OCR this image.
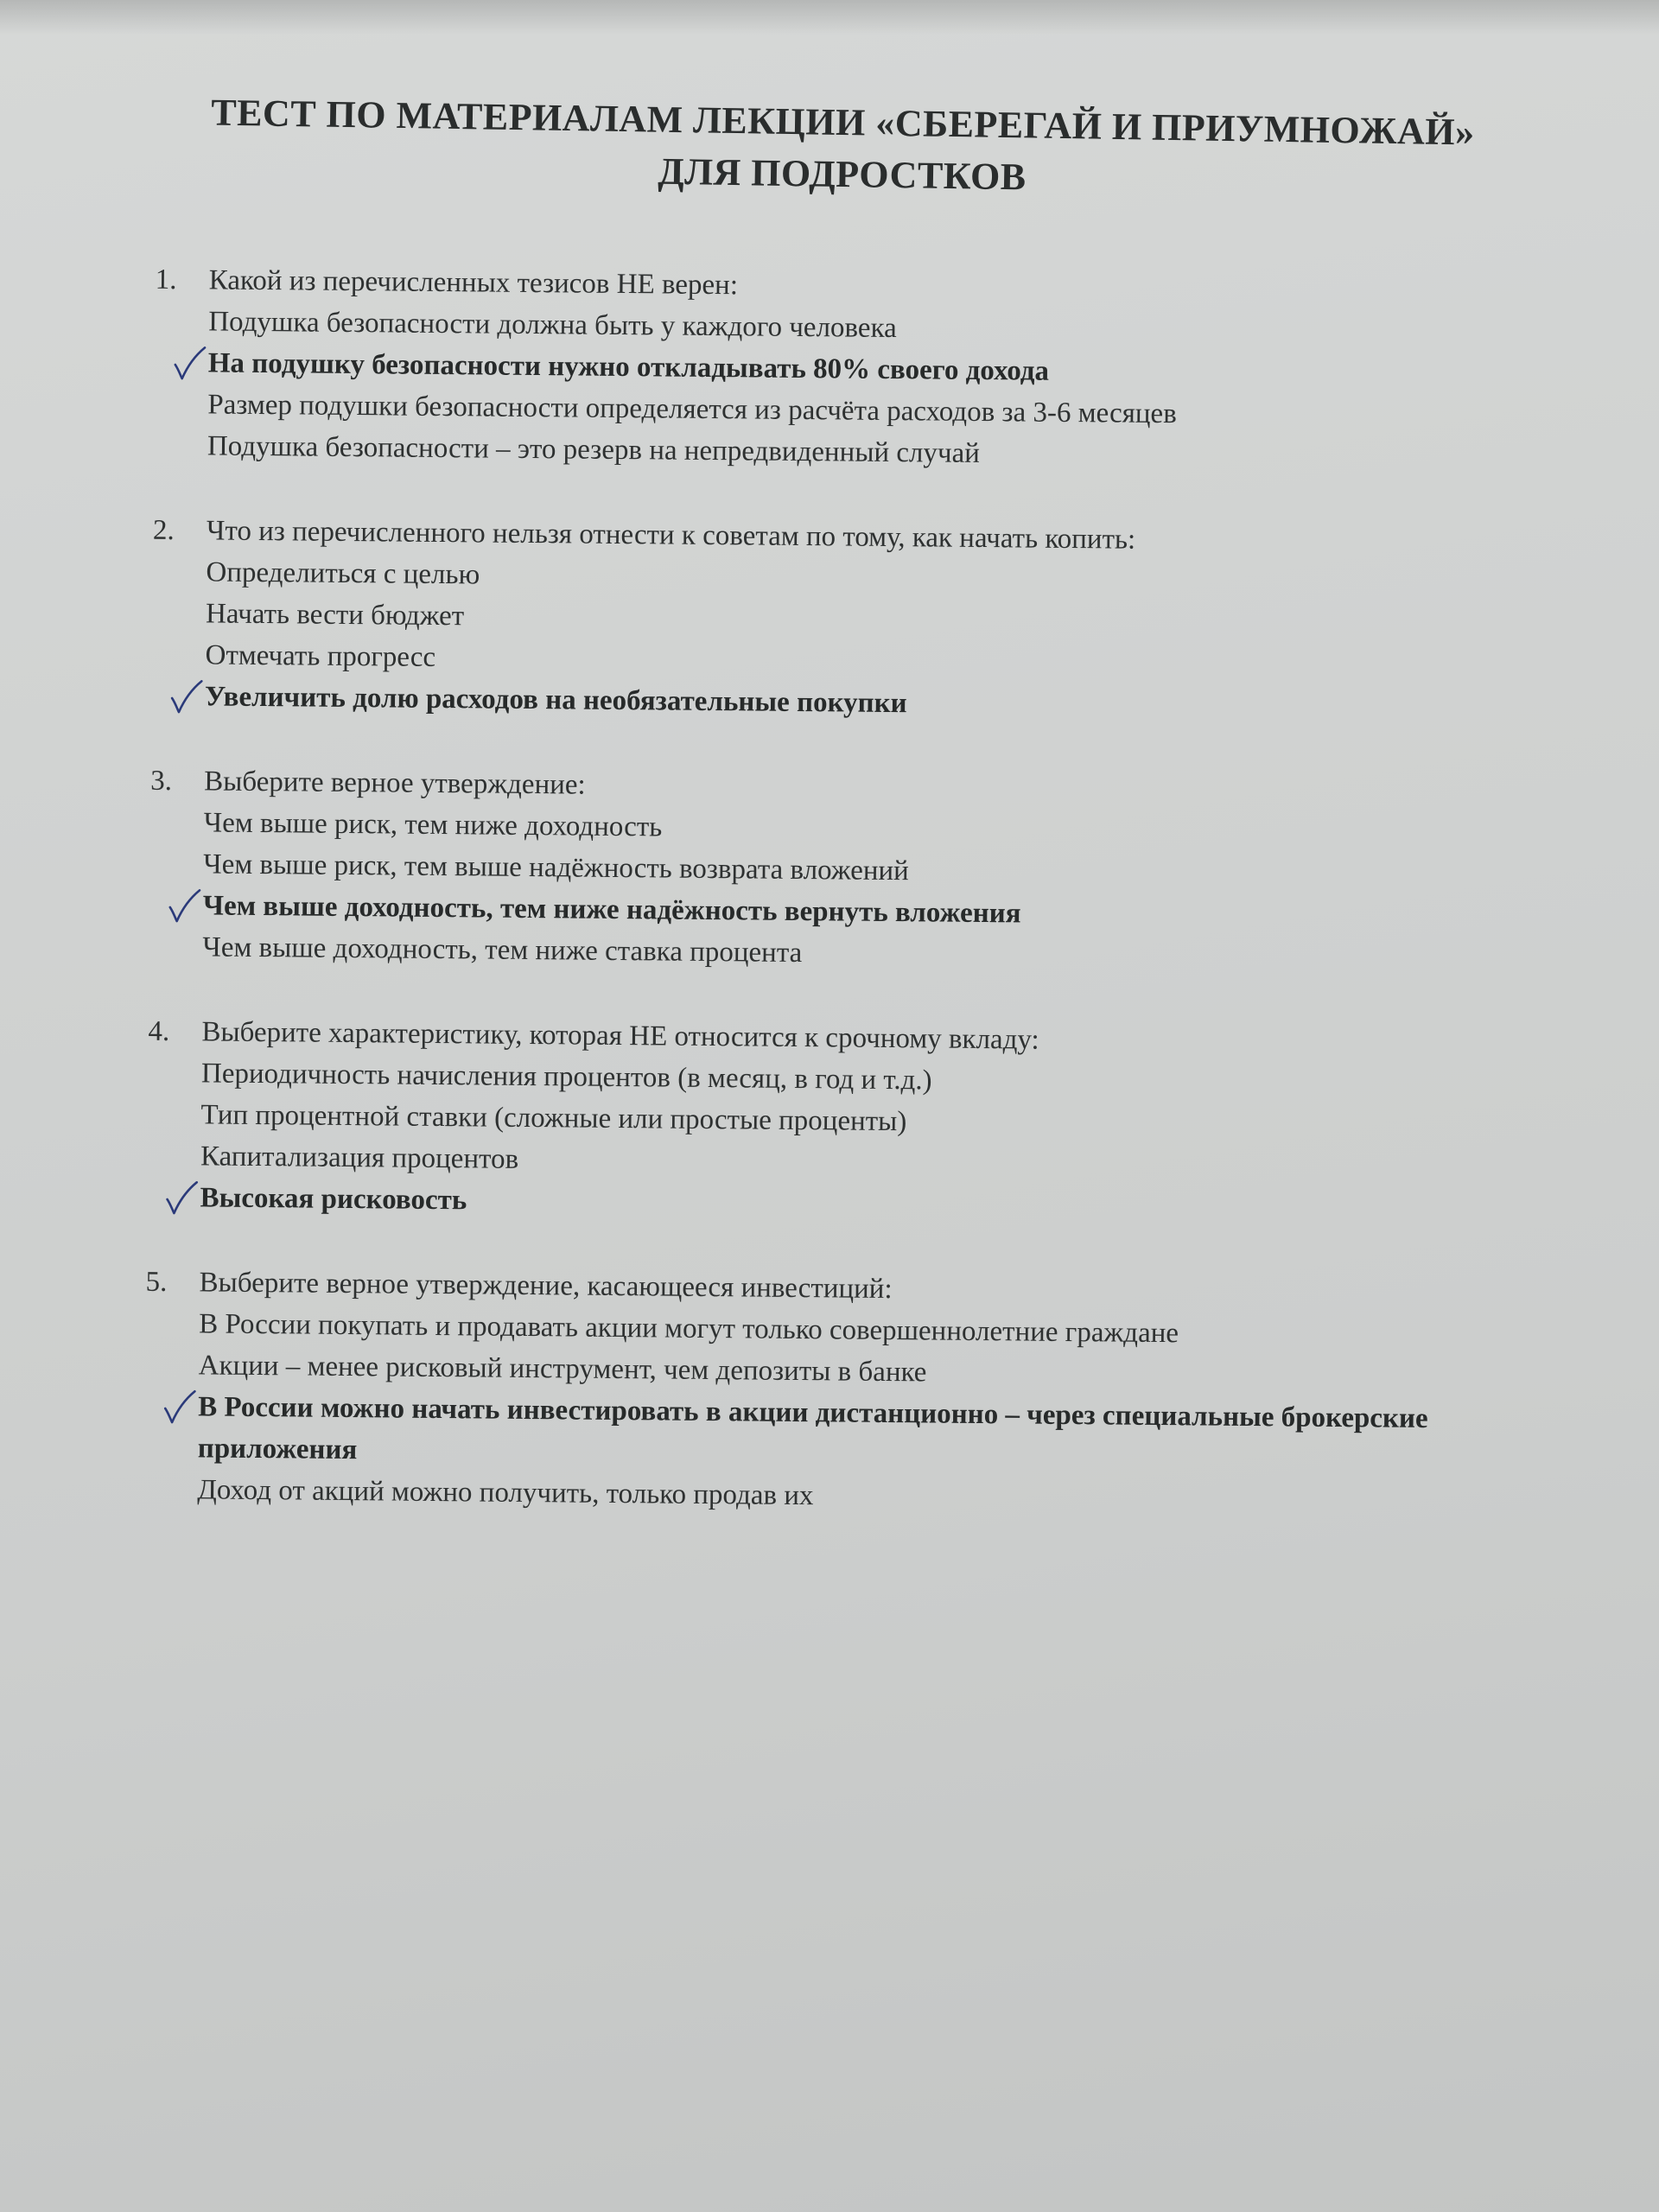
ТЕСТ ПО МАТЕРИАЛАМ ЛЕКЦИИ «СБЕРЕГАЙ И ПРИУМНОЖАЙ»
ДЛЯ ПОДРОСТКОВ
1.	Какой из перечисленных тезисов НЕ верен:
Подушка безопасности должна быть у каждого человека
На подушку безопасности нужно откладывать 80% своего дохода
Размер подушки безопасности определяется из расчёта расходов за 3-6 месяцев
Подушка безопасности – это резерв на непредвиденный случай
2.	Что из перечисленного нельзя отнести к советам по тому, как начать копить:
Определиться с целью
Начать вести бюджет
Отмечать прогресс
Увеличить долю расходов на необязательные покупки
3.	Выберите верное утверждение:
Чем выше риск, тем ниже доходность
Чем выше риск, тем выше надёжность возврата вложений
Чем выше доходность, тем ниже надёжность вернуть вложения
Чем выше доходность, тем ниже ставка процента
4.	Выберите характеристику, которая НЕ относится к срочному вкладу:
Периодичность начисления процентов (в месяц, в год и т.д.)
Тип процентной ставки (сложные или простые проценты)
Капитализация процентов
Высокая рисковость
5.	Выберите верное утверждение, касающееся инвестиций:
В России покупать и продавать акции могут только совершеннолетние граждане
Акции – менее рисковый инструмент, чем депозиты в банке
В России можно начать инвестировать в акции дистанционно – через специальные брокерские приложения
Доход от акций можно получить, только продав их
